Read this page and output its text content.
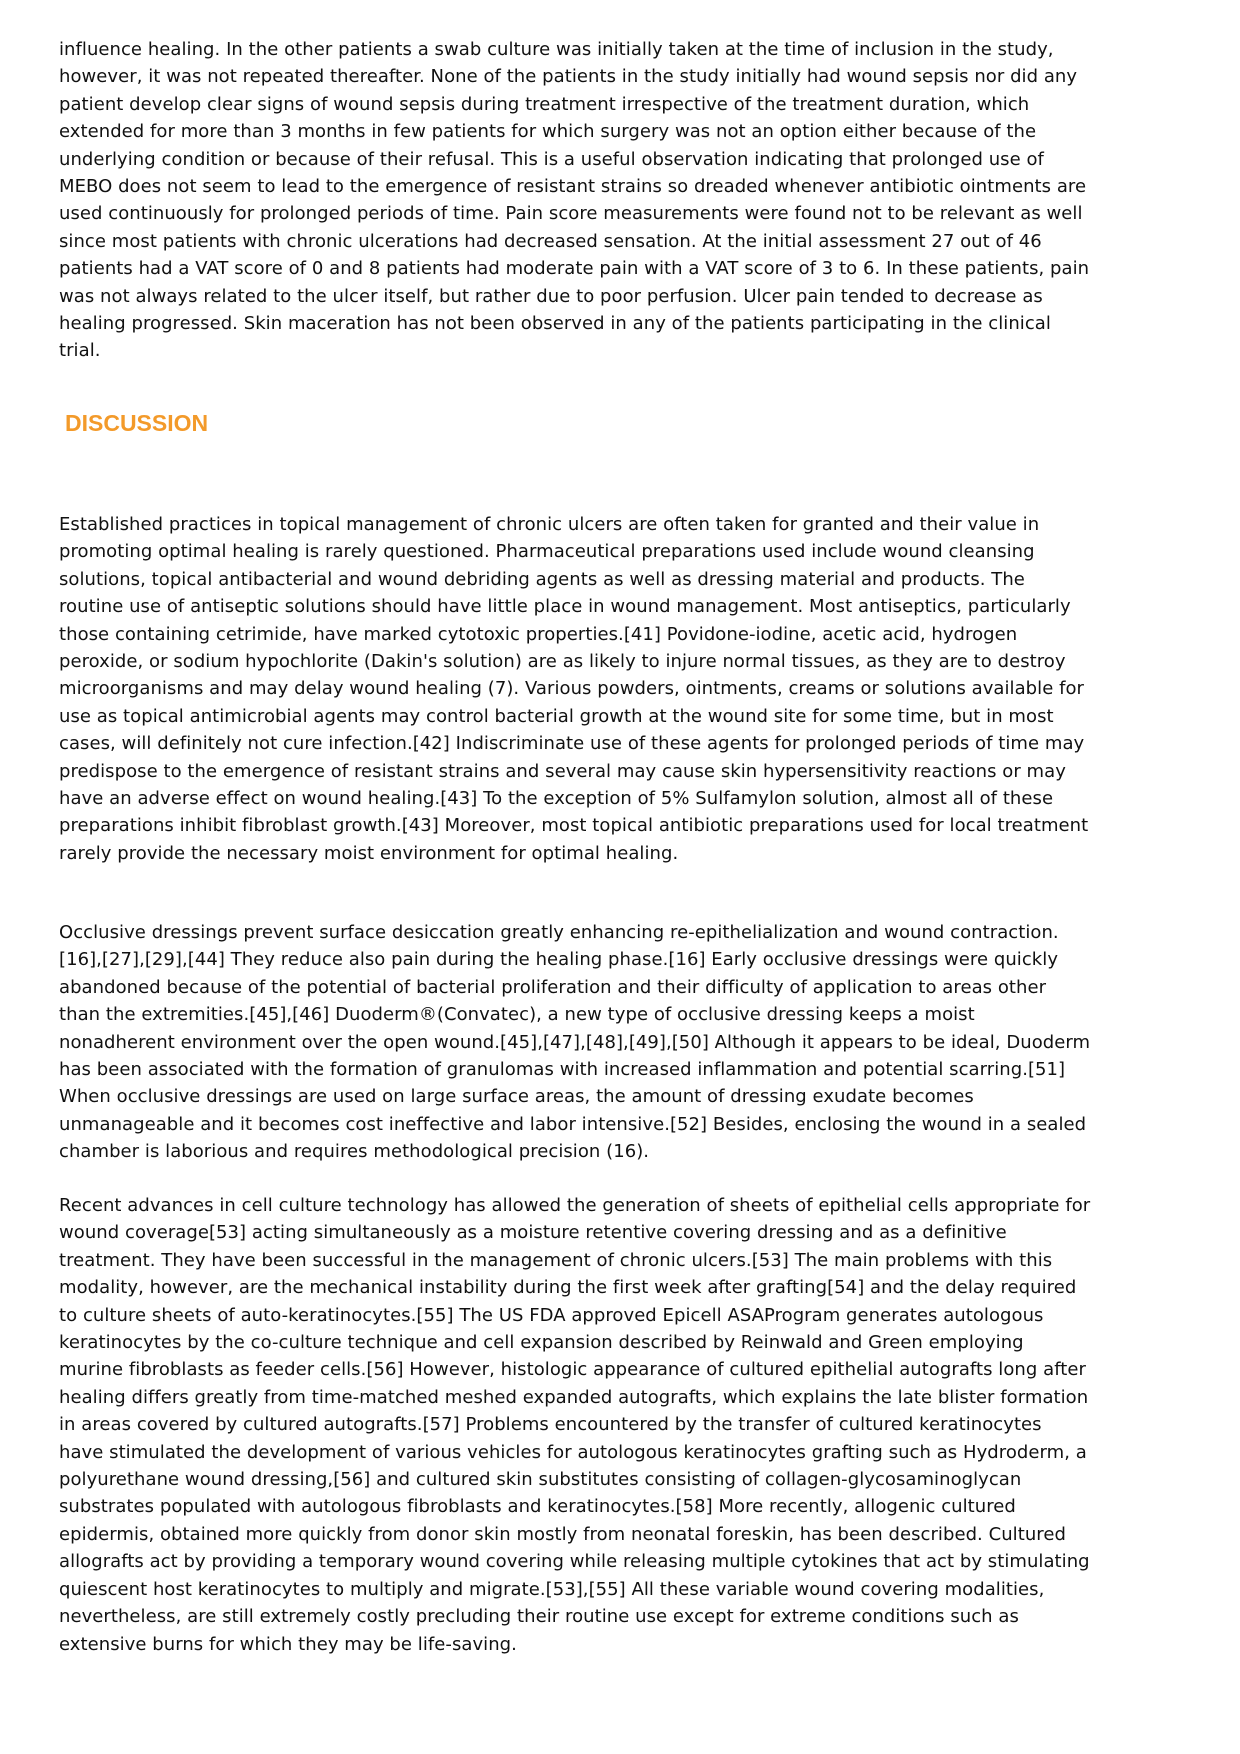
influence healing. In the other patients a swab culture was initially taken at the time of inclusion in the study, however, it was not repeated thereafter. None of the patients in the study initially had wound sepsis nor did any patient develop clear signs of wound sepsis during treatment irrespective of the treatment duration, which extended for more than 3 months in few patients for which surgery was not an option either because of the underlying condition or because of their refusal. This is a useful observation indicating that prolonged use of MEBO does not seem to lead to the emergence of resistant strains so dreaded whenever antibiotic ointments are used continuously for prolonged periods of time. Pain score measurements were found not to be relevant as well since most patients with chronic ulcerations had decreased sensation. At the initial assessment 27 out of 46 patients had a VAT score of 0 and 8 patients had moderate pain with a VAT score of 3 to 6. In these patients, pain was not always related to the ulcer itself, but rather due to poor perfusion. Ulcer pain tended to decrease as healing progressed. Skin maceration has not been observed in any of the patients participating in the clinical trial.

DISCUSSION

Established practices in topical management of chronic ulcers are often taken for granted and their value in promoting optimal healing is rarely questioned. Pharmaceutical preparations used include wound cleansing solutions, topical antibacterial and wound debriding agents as well as dressing material and products. The routine use of antiseptic solutions should have little place in wound management. Most antiseptics, particularly those containing cetrimide, have marked cytotoxic properties.[41] Povidone-iodine, acetic acid, hydrogen peroxide, or sodium hypochlorite (Dakin's solution) are as likely to injure normal tissues, as they are to destroy microorganisms and may delay wound healing (7). Various powders, ointments, creams or solutions available for use as topical antimicrobial agents may control bacterial growth at the wound site for some time, but in most cases, will definitely not cure infection.[42] Indiscriminate use of these agents for prolonged periods of time may predispose to the emergence of resistant strains and several may cause skin hypersensitivity reactions or may have an adverse effect on wound healing.[43] To the exception of 5% Sulfamylon solution, almost all of these preparations inhibit fibroblast growth.[43] Moreover, most topical antibiotic preparations used for local treatment rarely provide the necessary moist environment for optimal healing.

Occlusive dressings prevent surface desiccation greatly enhancing re-epithelialization and wound contraction.[16],[27],[29],[44] They reduce also pain during the healing phase.[16] Early occlusive dressings were quickly abandoned because of the potential of bacterial proliferation and their difficulty of application to areas other than the extremities.[45],[46] Duoderm®(Convatec), a new type of occlusive dressing keeps a moist nonadherent environment over the open wound.[45],[47],[48],[49],[50] Although it appears to be ideal, Duoderm has been associated with the formation of granulomas with increased inflammation and potential scarring.[51] When occlusive dressings are used on large surface areas, the amount of dressing exudate becomes unmanageable and it becomes cost ineffective and labor intensive.[52] Besides, enclosing the wound in a sealed chamber is laborious and requires methodological precision (16).

Recent advances in cell culture technology has allowed the generation of sheets of epithelial cells appropriate for wound coverage[53] acting simultaneously as a moisture retentive covering dressing and as a definitive treatment. They have been successful in the management of chronic ulcers.[53] The main problems with this modality, however, are the mechanical instability during the first week after grafting[54] and the delay required to culture sheets of auto-keratinocytes.[55] The US FDA approved Epicell ASAProgram generates autologous keratinocytes by the co-culture technique and cell expansion described by Reinwald and Green employing murine fibroblasts as feeder cells.[56] However, histologic appearance of cultured epithelial autografts long after healing differs greatly from time-matched meshed expanded autografts, which explains the late blister formation in areas covered by cultured autografts.[57] Problems encountered by the transfer of cultured keratinocytes have stimulated the development of various vehicles for autologous keratinocytes grafting such as Hydroderm, a polyurethane wound dressing,[56] and cultured skin substitutes consisting of collagen-glycosaminoglycan substrates populated with autologous fibroblasts and keratinocytes.[58] More recently, allogenic cultured epidermis, obtained more quickly from donor skin mostly from neonatal foreskin, has been described. Cultured allografts act by providing a temporary wound covering while releasing multiple cytokines that act by stimulating quiescent host keratinocytes to multiply and migrate.[53],[55] All these variable wound covering modalities, nevertheless, are still extremely costly precluding their routine use except for extreme conditions such as extensive burns for which they may be life-saving.
